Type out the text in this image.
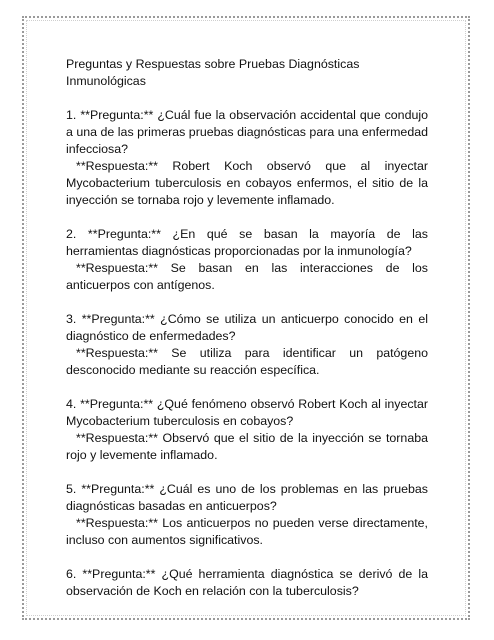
Preguntas y Respuestas sobre Pruebas Diagnósticas Inmunológicas

1. **Pregunta:** ¿Cuál fue la observación accidental que condujo a una de las primeras pruebas diagnósticas para una enfermedad infecciosa?

**Respuesta:** Robert Koch observó que al inyectar Mycobacterium tuberculosis en cobayos enfermos, el sitio de la inyección se tornaba rojo y levemente inflamado.

2. **Pregunta:** ¿En qué se basan la mayoría de las herramientas diagnósticas proporcionadas por la inmunología?

**Respuesta:** Se basan en las interacciones de los anticuerpos con antígenos.

3. **Pregunta:** ¿Cómo se utiliza un anticuerpo conocido en el diagnóstico de enfermedades?

**Respuesta:** Se utiliza para identificar un patógeno desconocido mediante su reacción específica.

4. **Pregunta:** ¿Qué fenómeno observó Robert Koch al inyectar Mycobacterium tuberculosis en cobayos?

**Respuesta:** Observó que el sitio de la inyección se tornaba rojo y levemente inflamado.

5. **Pregunta:** ¿Cuál es uno de los problemas en las pruebas diagnósticas basadas en anticuerpos?

**Respuesta:** Los anticuerpos no pueden verse directamente, incluso con aumentos significativos.

6. **Pregunta:** ¿Qué herramienta diagnóstica se derivó de la observación de Koch en relación con la tuberculosis?
